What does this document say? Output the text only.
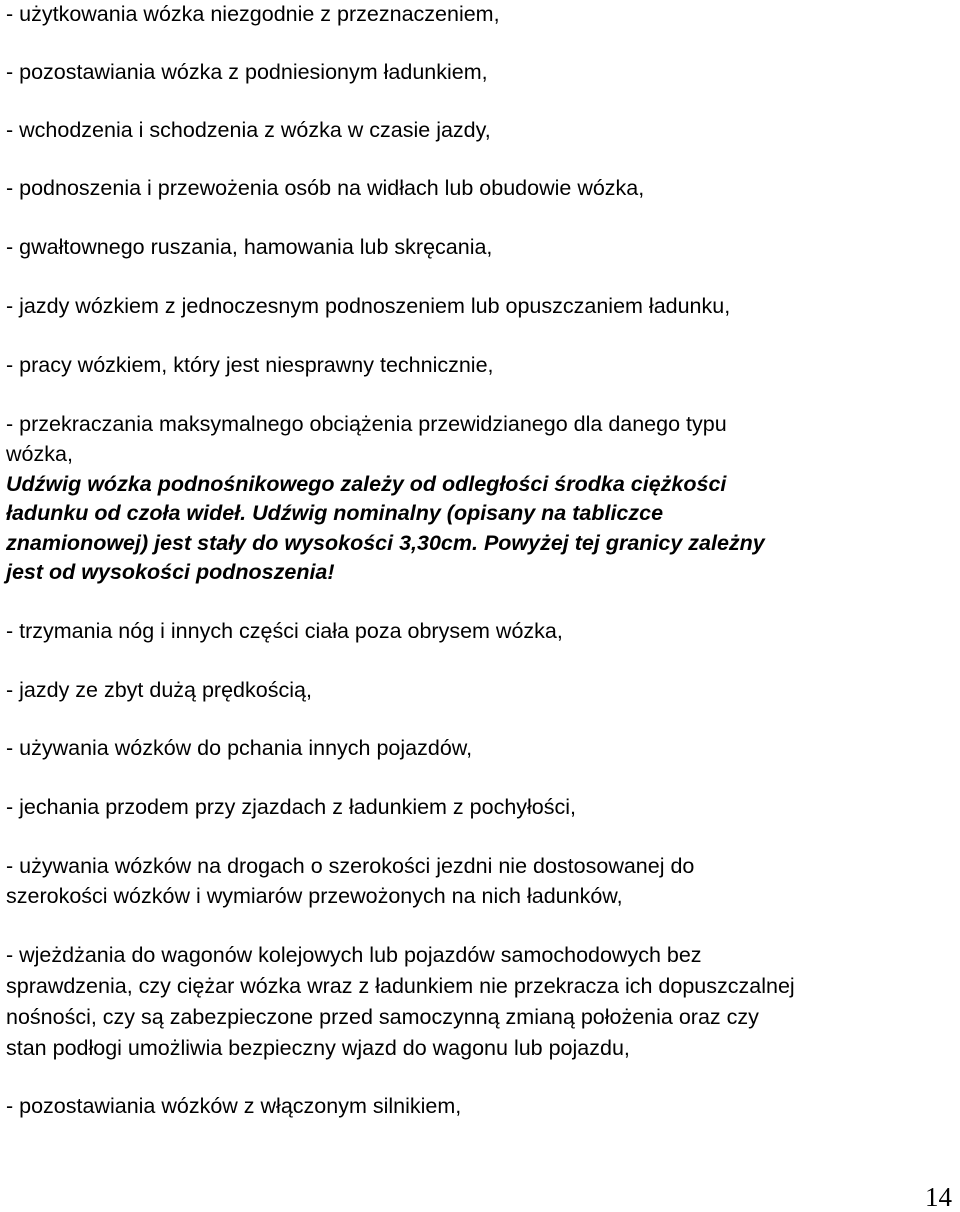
- użytkowania wózka niezgodnie z przeznaczeniem,
- pozostawiania wózka z podniesionym ładunkiem,
- wchodzenia i schodzenia z wózka w czasie jazdy,
- podnoszenia i przewożenia osób na widłach lub obudowie wózka,
- gwałtownego ruszania, hamowania lub skręcania,
- jazdy wózkiem z jednoczesnym podnoszeniem lub opuszczaniem ładunku,
- pracy wózkiem, który jest niesprawny technicznie,
- przekraczania maksymalnego obciążenia przewidzianego dla danego typu
wózka,
Udźwig wózka podnośnikowego zależy od odległości środka ciężkości
ładunku od czoła wideł. Udźwig nominalny (opisany na tabliczce
znamionowej) jest stały do wysokości 3,30cm. Powyżej tej granicy zależny
jest od wysokości podnoszenia!
- trzymania nóg i innych części ciała poza obrysem wózka,
- jazdy ze zbyt dużą prędkością,
- używania wózków do pchania innych pojazdów,
- jechania przodem przy zjazdach z ładunkiem z pochyłości,
- używania wózków na drogach o szerokości jezdni nie dostosowanej do
szerokości wózków i wymiarów przewożonych na nich ładunków,
- wjeżdżania do wagonów kolejowych lub pojazdów samochodowych bez
sprawdzenia, czy ciężar wózka wraz z ładunkiem nie przekracza ich dopuszczalnej
nośności, czy są zabezpieczone przed samoczynną zmianą położenia oraz czy
stan podłogi umożliwia bezpieczny wjazd do wagonu lub pojazdu,
- pozostawiania wózków z włączonym silnikiem,
14
